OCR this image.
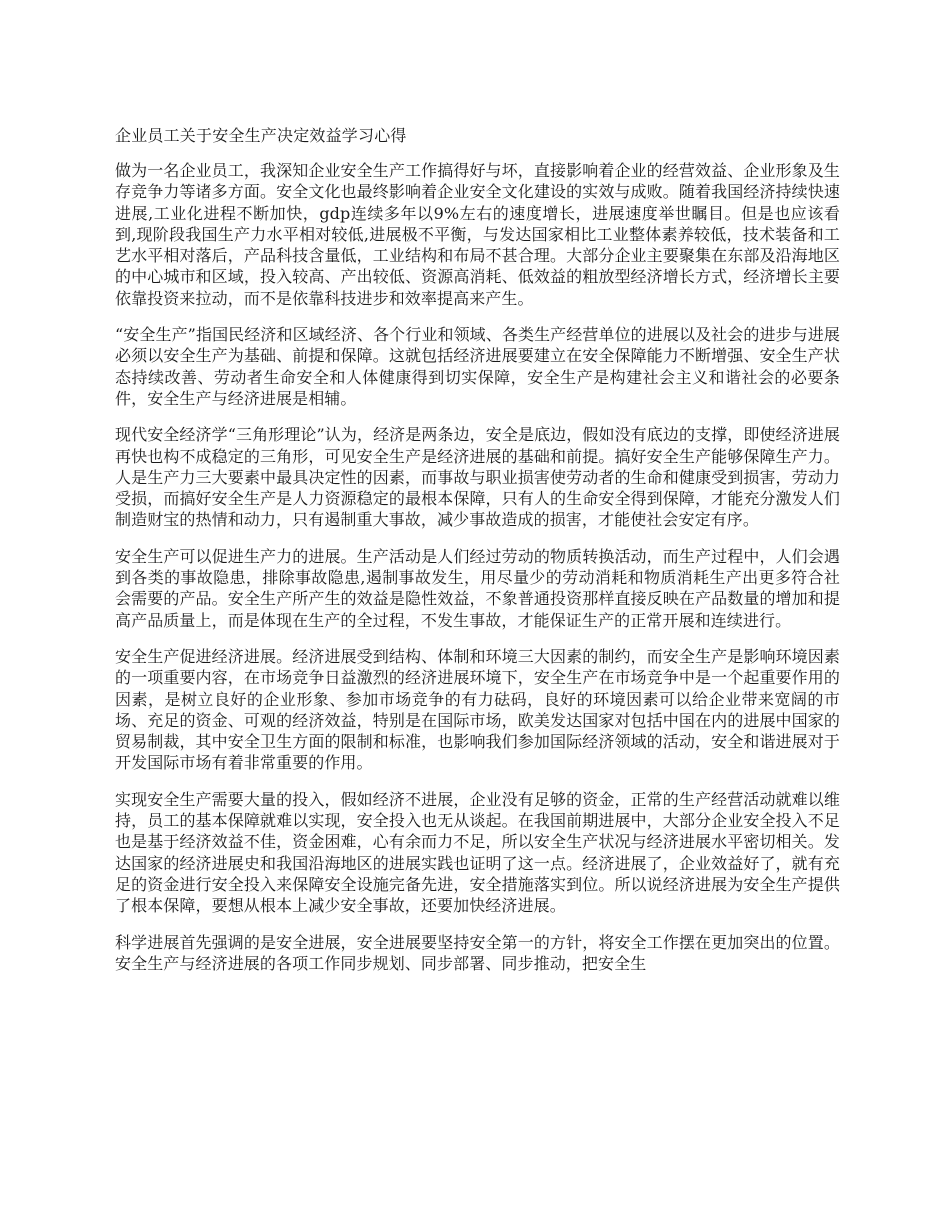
企业员工关于安全生产决定效益学习心得

做为一名企业员工，我深知企业安全生产工作搞得好与坏，直接影响着企业的经营效益、企业形象及生存竞争力等诸多方面。安全文化也最终影响着企业安全文化建设的实效与成败。随着我国经济持续快速进展,工业化进程不断加快，gdp连续多年以9%左右的速度增长，进展速度举世瞩目。但是也应该看到,现阶段我国生产力水平相对较低,进展极不平衡，与发达国家相比工业整体素养较低，技术装备和工艺水平相对落后，产品科技含量低，工业结构和布局不甚合理。大部分企业主要聚集在东部及沿海地区的中心城市和区域，投入较高、产出较低、资源高消耗、低效益的粗放型经济增长方式，经济增长主要依靠投资来拉动，而不是依靠科技进步和效率提高来产生。

“安全生产”指国民经济和区域经济、各个行业和领域、各类生产经营单位的进展以及社会的进步与进展必须以安全生产为基础、前提和保障。这就包括经济进展要建立在安全保障能力不断增强、安全生产状态持续改善、劳动者生命安全和人体健康得到切实保障，安全生产是构建社会主义和谐社会的必要条件，安全生产与经济进展是相辅。

现代安全经济学“三角形理论”认为，经济是两条边，安全是底边，假如没有底边的支撑，即使经济进展再快也构不成稳定的三角形，可见安全生产是经济进展的基础和前提。搞好安全生产能够保障生产力。人是生产力三大要素中最具决定性的因素，而事故与职业损害使劳动者的生命和健康受到损害，劳动力受损，而搞好安全生产是人力资源稳定的最根本保障，只有人的生命安全得到保障，才能充分激发人们制造财宝的热情和动力，只有遏制重大事故，减少事故造成的损害，才能使社会安定有序。

安全生产可以促进生产力的进展。生产活动是人们经过劳动的物质转换活动，而生产过程中，人们会遇到各类的事故隐患，排除事故隐患,遏制事故发生，用尽量少的劳动消耗和物质消耗生产出更多符合社会需要的产品。安全生产所产生的效益是隐性效益，不象普通投资那样直接反映在产品数量的增加和提高产品质量上，而是体现在生产的全过程，不发生事故，才能保证生产的正常开展和连续进行。

安全生产促进经济进展。经济进展受到结构、体制和环境三大因素的制约，而安全生产是影响环境因素的一项重要内容，在市场竞争日益激烈的经济进展环境下，安全生产在市场竞争中是一个起重要作用的因素，是树立良好的企业形象、参加市场竞争的有力砝码，良好的环境因素可以给企业带来宽阔的市场、充足的资金、可观的经济效益，特别是在国际市场，欧美发达国家对包括中国在内的进展中国家的贸易制裁，其中安全卫生方面的限制和标准，也影响我们参加国际经济领域的活动，安全和谐进展对于开发国际市场有着非常重要的作用。

实现安全生产需要大量的投入，假如经济不进展，企业没有足够的资金，正常的生产经营活动就难以维持，员工的基本保障就难以实现，安全投入也无从谈起。在我国前期进展中，大部分企业安全投入不足也是基于经济效益不佳，资金困难，心有余而力不足，所以安全生产状况与经济进展水平密切相关。发达国家的经济进展史和我国沿海地区的进展实践也证明了这一点。经济进展了，企业效益好了，就有充足的资金进行安全投入来保障安全设施完备先进，安全措施落实到位。所以说经济进展为安全生产提供了根本保障，要想从根本上减少安全事故，还要加快经济进展。

科学进展首先强调的是安全进展，安全进展要坚持安全第一的方针，将安全工作摆在更加突出的位置。安全生产与经济进展的各项工作同步规划、同步部署、同步推动，把安全生
